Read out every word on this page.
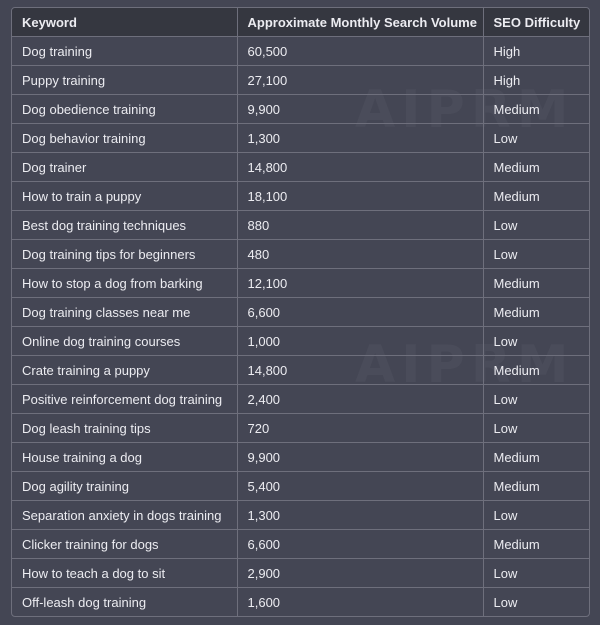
Keyword	Approximate Monthly Search Volume	SEO Difficulty
Dog training	60,500	High
Puppy training	27,100	High
Dog obedience training	9,900	Medium
Dog behavior training	1,300	Low
Dog trainer	14,800	Medium
How to train a puppy	18,100	Medium
Best dog training techniques	880	Low
Dog training tips for beginners	480	Low
How to stop a dog from barking	12,100	Medium
Dog training classes near me	6,600	Medium
Online dog training courses	1,000	Low
Crate training a puppy	14,800	Medium
Positive reinforcement dog training	2,400	Low
Dog leash training tips	720	Low
House training a dog	9,900	Medium
Dog agility training	5,400	Medium
Separation anxiety in dogs training	1,300	Low
Clicker training for dogs	6,600	Medium
How to teach a dog to sit	2,900	Low
Off-leash dog training	1,600	Low
